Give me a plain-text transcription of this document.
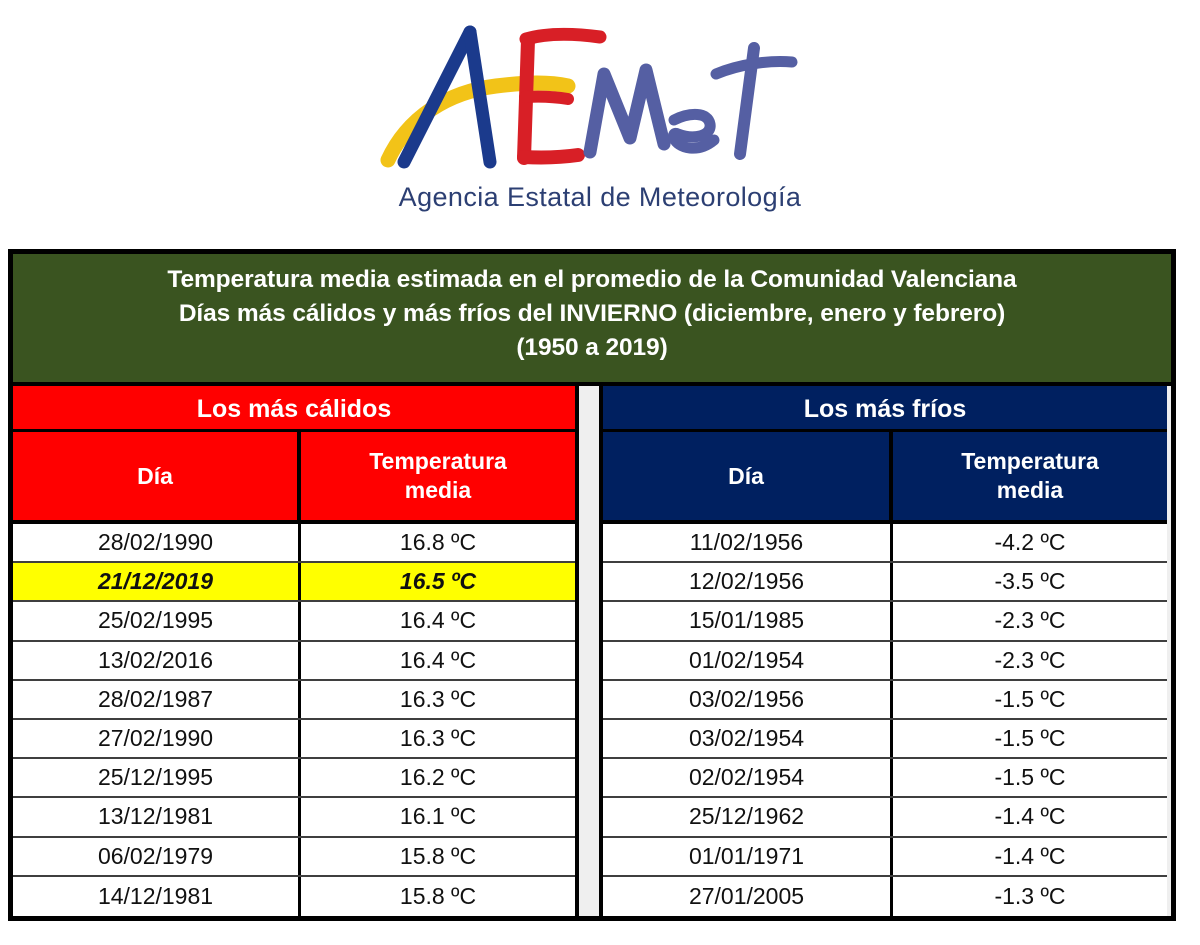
Agencia Estatal de Meteorología
Temperatura media estimada en el promedio de la Comunidad Valenciana
Días más cálidos y más fríos del INVIERNO (diciembre, enero y febrero)
(1950 a 2019)
Los más cálidos
Día
Temperatura
media
28/02/1990	16.8 ºC
21/12/2019	16.5 ºC
25/02/1995	16.4 ºC
13/02/2016	16.4 ºC
28/02/1987	16.3 ºC
27/02/1990	16.3 ºC
25/12/1995	16.2 ºC
13/12/1981	16.1 ºC
06/02/1979	15.8 ºC
14/12/1981	15.8 ºC
Los más fríos
Día
Temperatura
media
11/02/1956	-4.2 ºC
12/02/1956	-3.5 ºC
15/01/1985	-2.3 ºC
01/02/1954	-2.3 ºC
03/02/1956	-1.5 ºC
03/02/1954	-1.5 ºC
02/02/1954	-1.5 ºC
25/12/1962	-1.4 ºC
01/01/1971	-1.4 ºC
27/01/2005	-1.3 ºC
